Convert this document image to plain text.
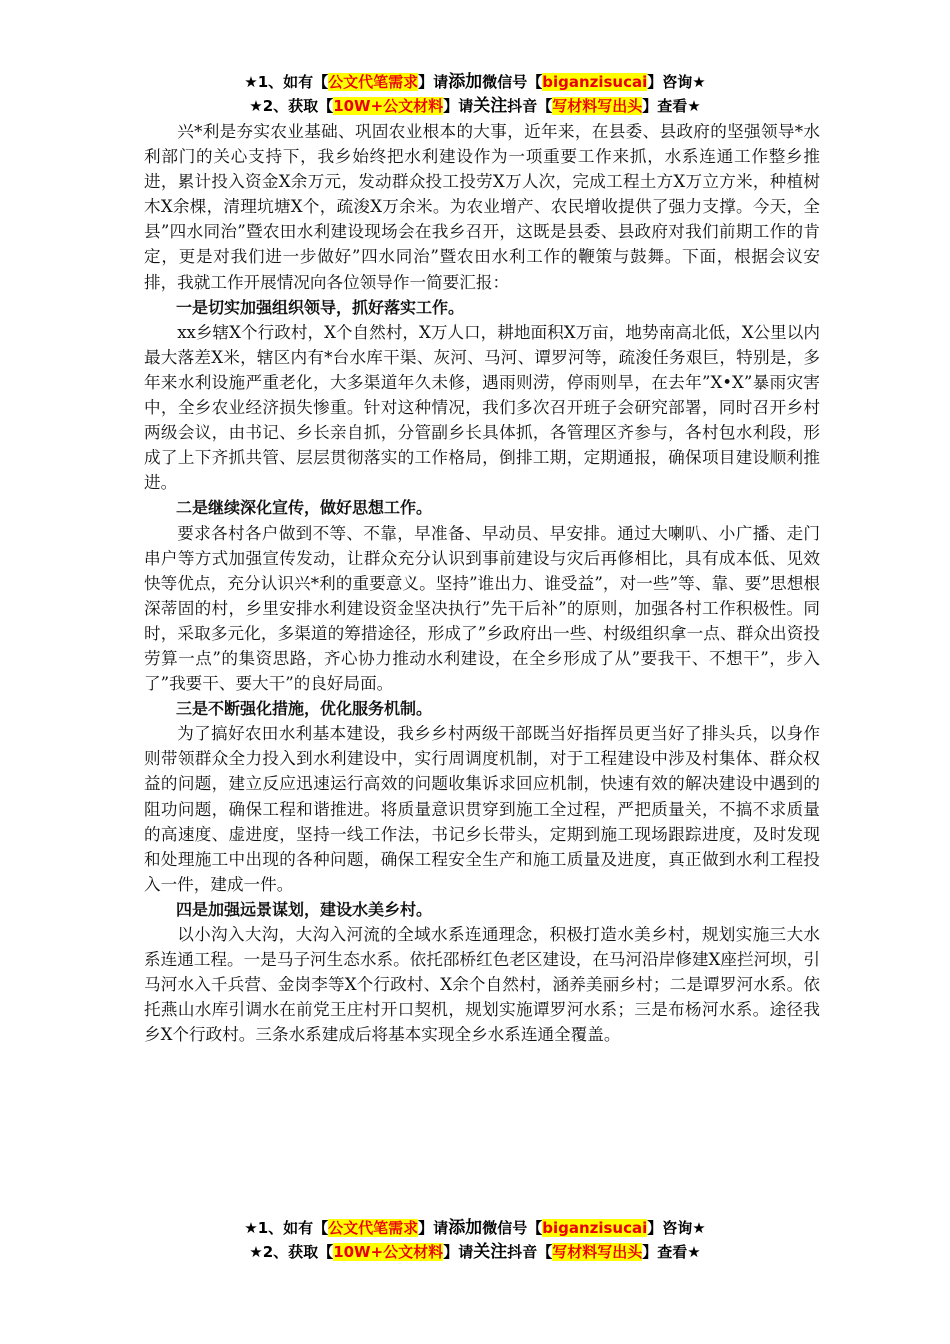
★1、如有【公文代笔需求】请添加微信号【biganzisucai】咨询★
★2、获取【10W+公文材料】请关注抖音【写材料写出头】查看★

兴*利是夯实农业基础、巩固农业根本的大事，近年来，在县委、县政府的坚强领导*水利部门的关心支持下，我乡始终把水利建设作为一项重要工作来抓，水系连通工作整乡推进，累计投入资金X余万元，发动群众投工投劳X万人次，完成工程土方X万立方米，种植树木X余棵，清理坑塘X个，疏浚X万余米。为农业增产、农民增收提供了强力支撑。今天，全县”四水同治”暨农田水利建设现场会在我乡召开，这既是县委、县政府对我们前期工作的肯定，更是对我们进一步做好”四水同治”暨农田水利工作的鞭策与鼓舞。下面，根据会议安排，我就工作开展情况向各位领导作一简要汇报：

一是切实加强组织领导，抓好落实工作。

xx乡辖X个行政村，X个自然村，X万人口，耕地面积X万亩，地势南高北低，X公里以内最大落差X米，辖区内有*台水库干渠、灰河、马河、谭罗河等，疏浚任务艰巨，特别是，多年来水利设施严重老化，大多渠道年久未修，遇雨则涝，停雨则旱，在去年”X•X”暴雨灾害中，全乡农业经济损失惨重。针对这种情况，我们多次召开班子会研究部署，同时召开乡村两级会议，由书记、乡长亲自抓，分管副乡长具体抓，各管理区齐参与，各村包水利段，形成了上下齐抓共管、层层贯彻落实的工作格局，倒排工期，定期通报，确保项目建设顺利推进。

二是继续深化宣传，做好思想工作。

要求各村各户做到不等、不靠，早准备、早动员、早安排。通过大喇叭、小广播、走门串户等方式加强宣传发动，让群众充分认识到事前建设与灾后再修相比，具有成本低、见效快等优点，充分认识兴*利的重要意义。坚持”谁出力、谁受益”，对一些”等、靠、要”思想根深蒂固的村，乡里安排水利建设资金坚决执行”先干后补”的原则，加强各村工作积极性。同时，采取多元化，多渠道的筹措途径，形成了”乡政府出一些、村级组织拿一点、群众出资投劳算一点”的集资思路，齐心协力推动水利建设，在全乡形成了从”要我干、不想干”，步入了”我要干、要大干”的良好局面。

三是不断强化措施，优化服务机制。

为了搞好农田水利基本建设，我乡乡村两级干部既当好指挥员更当好了排头兵，以身作则带领群众全力投入到水利建设中，实行周调度机制，对于工程建设中涉及村集体、群众权益的问题，建立反应迅速运行高效的问题收集诉求回应机制，快速有效的解决建设中遇到的阻功问题，确保工程和谐推进。将质量意识贯穿到施工全过程，严把质量关，不搞不求质量的高速度、虚进度，坚持一线工作法，书记乡长带头，定期到施工现场跟踪进度，及时发现和处理施工中出现的各种问题，确保工程安全生产和施工质量及进度，真正做到水利工程投入一件，建成一件。

四是加强远景谋划，建设水美乡村。

以小沟入大沟，大沟入河流的全域水系连通理念，积极打造水美乡村，规划实施三大水系连通工程。一是马子河生态水系。依托邵桥红色老区建设，在马河沿岸修建X座拦河坝，引马河水入千兵营、金岗李等X个行政村、X余个自然村，涵养美丽乡村；二是谭罗河水系。依托燕山水库引调水在前党王庄村开口契机，规划实施谭罗河水系；三是布杨河水系。途径我乡X个行政村。三条水系建成后将基本实现全乡水系连通全覆盖。

★1、如有【公文代笔需求】请添加微信号【biganzisucai】咨询★
★2、获取【10W+公文材料】请关注抖音【写材料写出头】查看★
